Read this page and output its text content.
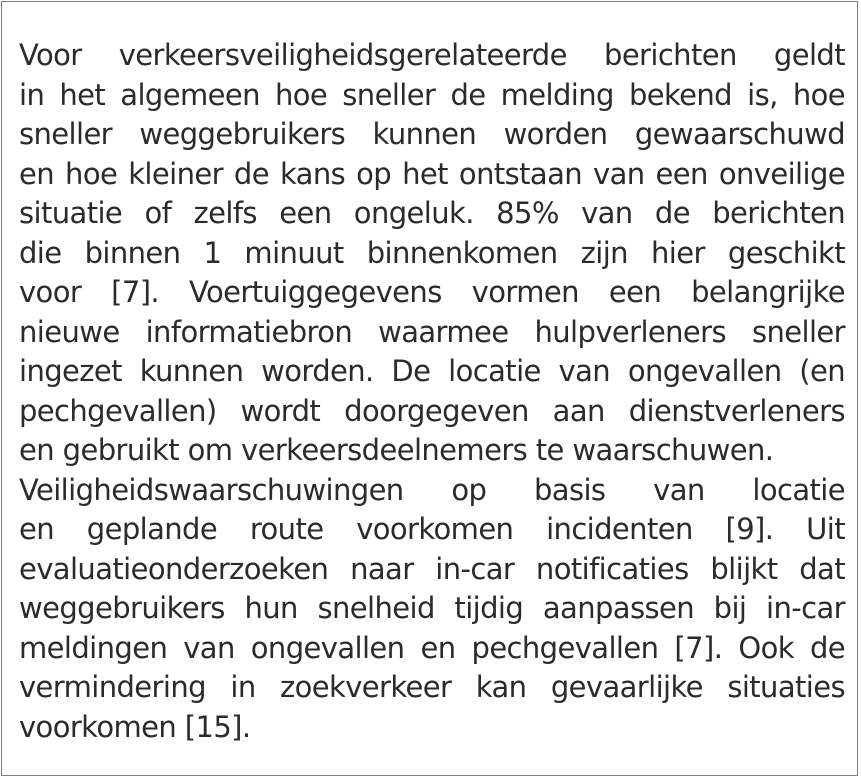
Voor verkeersveiligheidsgerelateerde berichten geldt
in het algemeen hoe sneller de melding bekend is, hoe
sneller weggebruikers kunnen worden gewaarschuwd
en hoe kleiner de kans op het ontstaan van een onveilige
situatie of zelfs een ongeluk. 85% van de berichten
die binnen 1 minuut binnenkomen zijn hier geschikt
voor [7]. Voertuiggegevens vormen een belangrijke
nieuwe informatiebron waarmee hulpverleners sneller
ingezet kunnen worden. De locatie van ongevallen (en
pechgevallen) wordt doorgegeven aan dienstverleners
en gebruikt om verkeersdeelnemers te waarschuwen.
Veiligheidswaarschuwingen op basis van locatie
en geplande route voorkomen incidenten [9]. Uit
evaluatieonderzoeken naar in-car notificaties blijkt dat
weggebruikers hun snelheid tijdig aanpassen bij in-car
meldingen van ongevallen en pechgevallen [7]. Ook de
vermindering in zoekverkeer kan gevaarlijke situaties
voorkomen [15].
